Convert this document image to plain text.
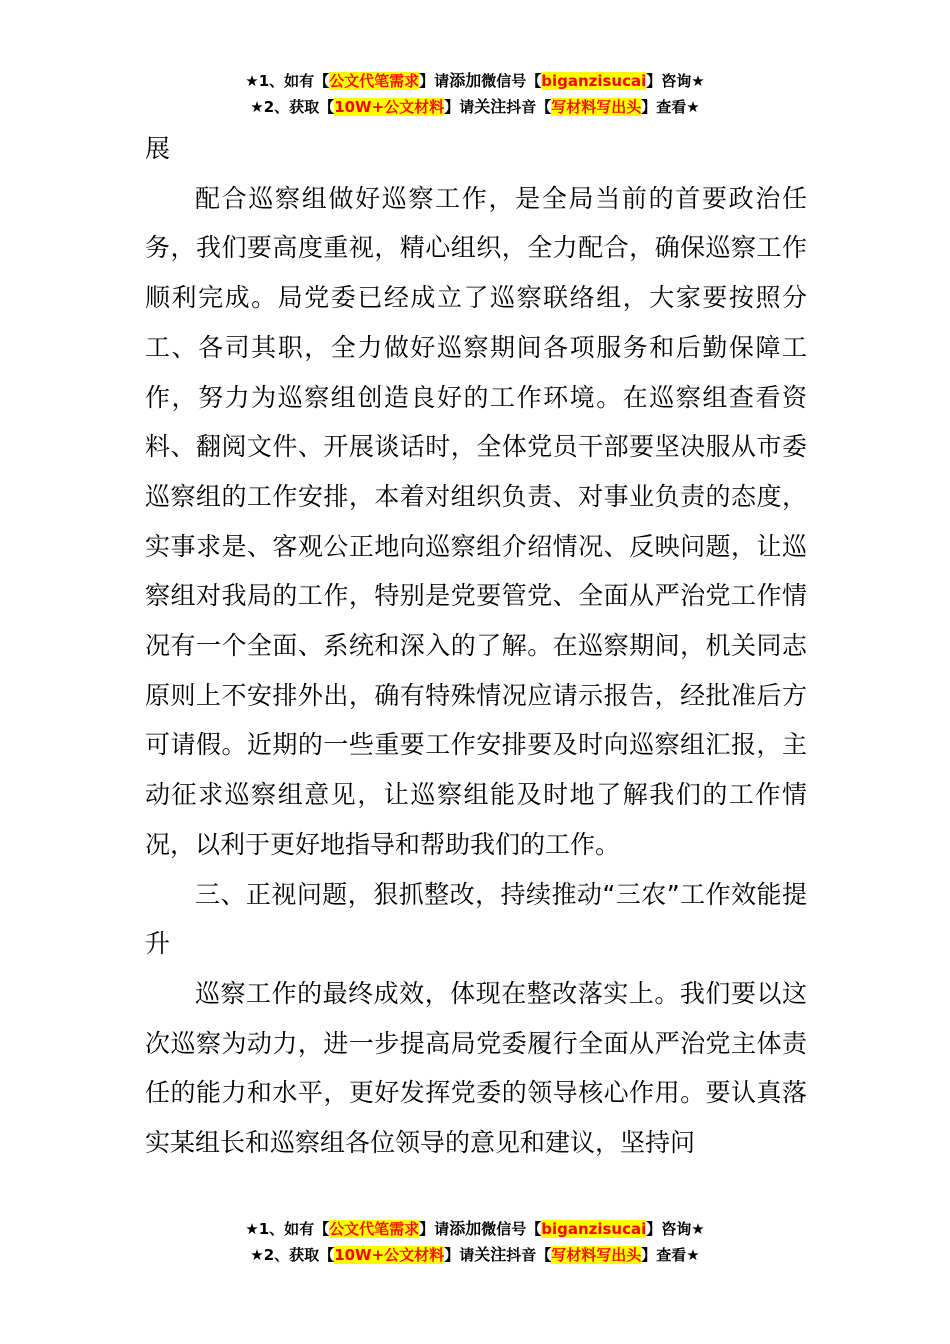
★1、如有【公文代笔需求】请添加微信号【biganzisucai】咨询★
★2、获取【10W+公文材料】请关注抖音【写材料写出头】查看★

展

配合巡察组做好巡察工作，是全局当前的首要政治任务，我们要高度重视，精心组织，全力配合，确保巡察工作顺利完成。局党委已经成立了巡察联络组，大家要按照分工、各司其职，全力做好巡察期间各项服务和后勤保障工作，努力为巡察组创造良好的工作环境。在巡察组查看资料、翻阅文件、开展谈话时，全体党员干部要坚决服从市委巡察组的工作安排，本着对组织负责、对事业负责的态度，实事求是、客观公正地向巡察组介绍情况、反映问题，让巡察组对我局的工作，特别是党要管党、全面从严治党工作情况有一个全面、系统和深入的了解。在巡察期间，机关同志原则上不安排外出，确有特殊情况应请示报告，经批准后方可请假。近期的一些重要工作安排要及时向巡察组汇报，主动征求巡察组意见，让巡察组能及时地了解我们的工作情况，以利于更好地指导和帮助我们的工作。

三、正视问题，狠抓整改，持续推动“三农”工作效能提升

巡察工作的最终成效，体现在整改落实上。我们要以这次巡察为动力，进一步提高局党委履行全面从严治党主体责任的能力和水平，更好发挥党委的领导核心作用。要认真落实某组长和巡察组各位领导的意见和建议，坚持问

★1、如有【公文代笔需求】请添加微信号【biganzisucai】咨询★
★2、获取【10W+公文材料】请关注抖音【写材料写出头】查看★
